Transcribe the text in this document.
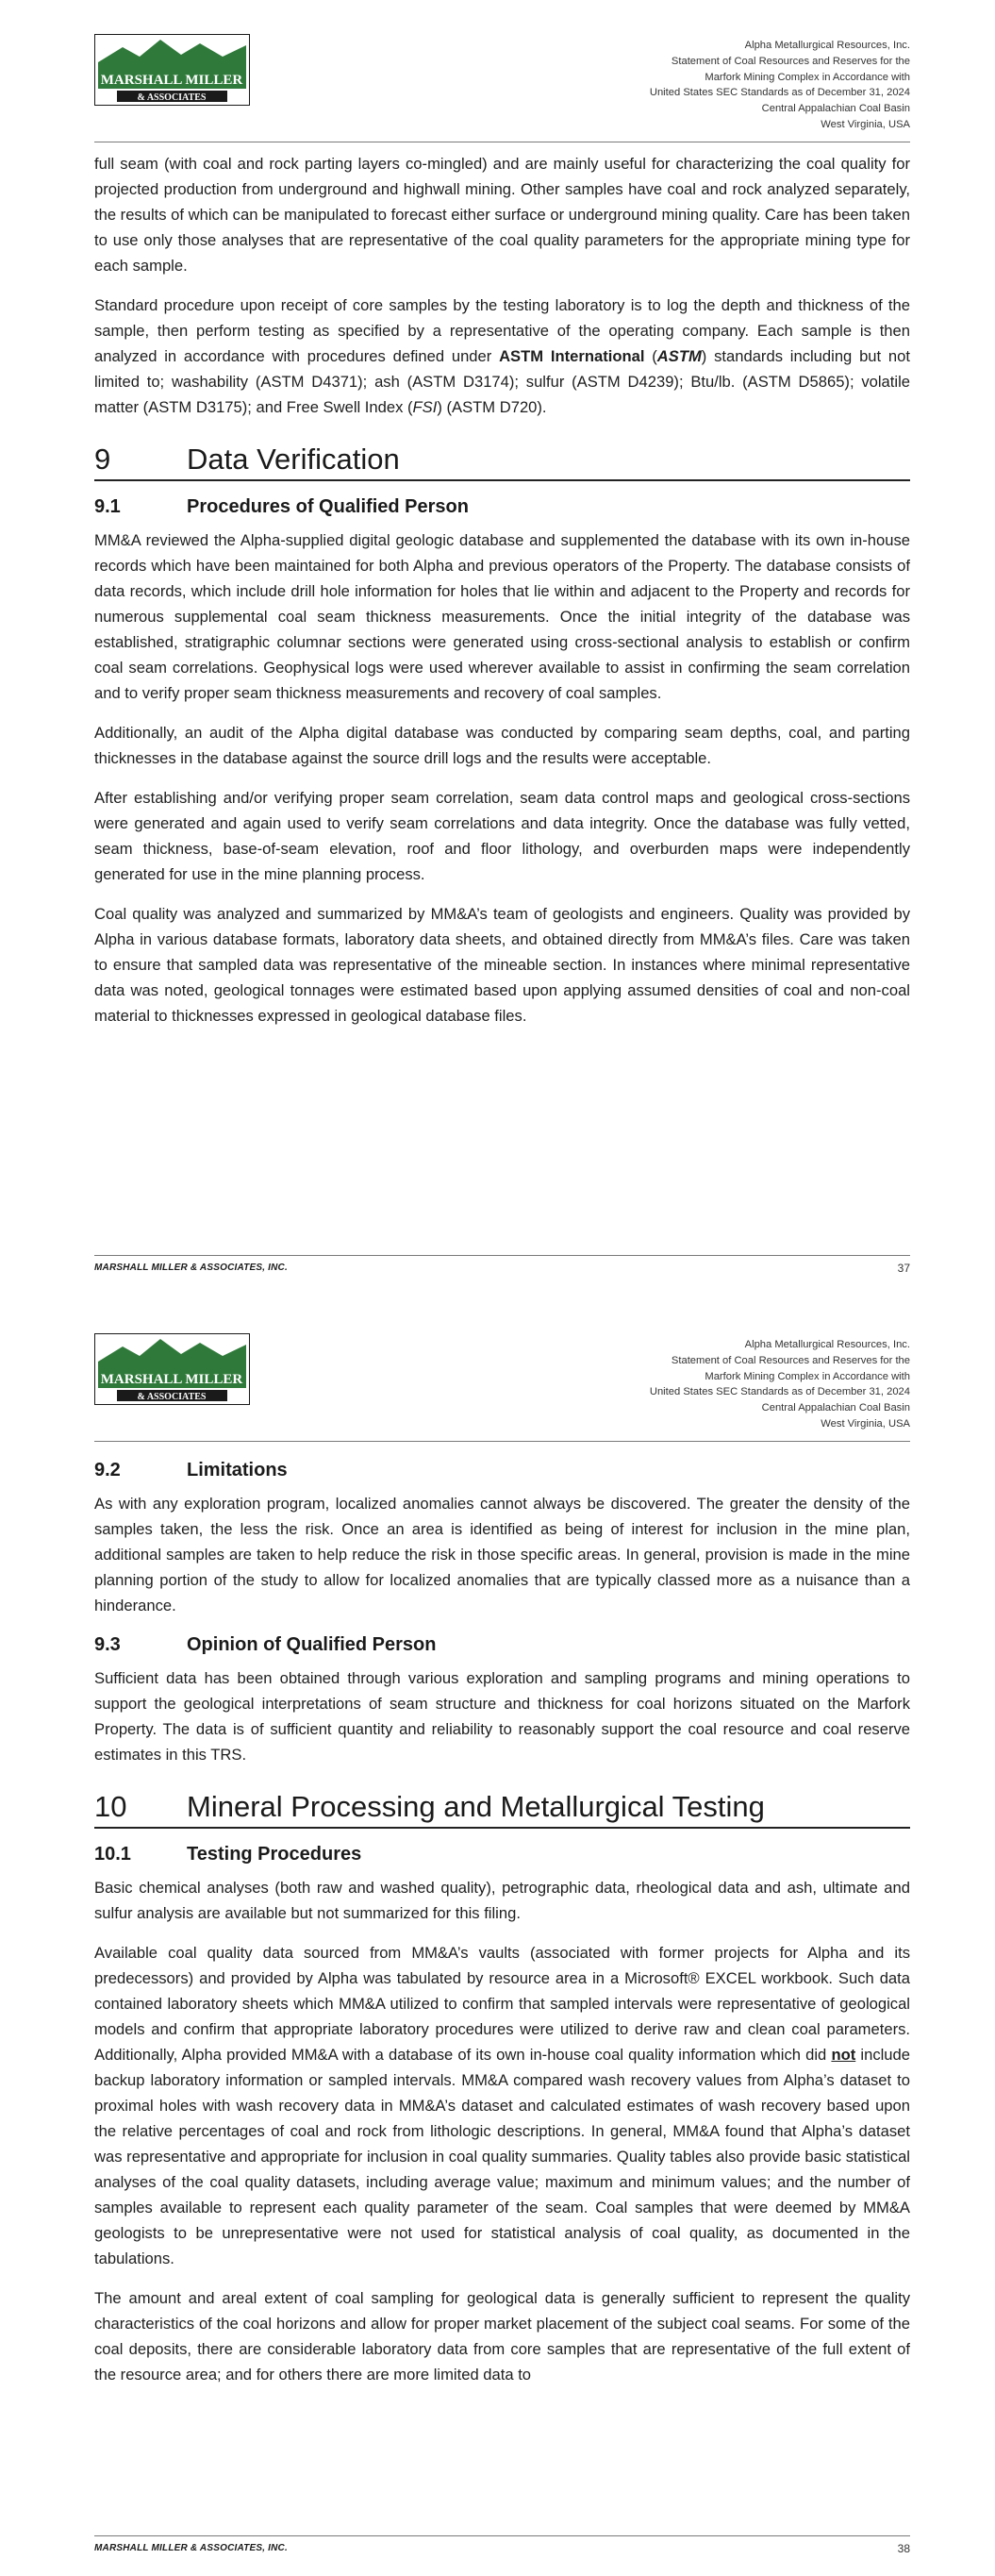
MARSHALL MILLER
& ASSOCIATES
Alpha Metallurgical Resources, Inc.
Statement of Coal Resources and Reserves for the
Marfork Mining Complex in Accordance with
United States SEC Standards as of December 31, 2024
Central Appalachian Coal Basin
West Virginia, USA

full seam (with coal and rock parting layers co-mingled) and are mainly useful for characterizing the coal quality for projected production from underground and highwall mining. Other samples have coal and rock analyzed separately, the results of which can be manipulated to forecast either surface or underground mining quality. Care has been taken to use only those analyses that are representative of the coal quality parameters for the appropriate mining type for each sample.

Standard procedure upon receipt of core samples by the testing laboratory is to log the depth and thickness of the sample, then perform testing as specified by a representative of the operating company. Each sample is then analyzed in accordance with procedures defined under ASTM International (ASTM) standards including but not limited to; washability (ASTM D4371); ash (ASTM D3174); sulfur (ASTM D4239); Btu/lb. (ASTM D5865); volatile matter (ASTM D3175); and Free Swell Index (FSI) (ASTM D720).

9	Data Verification
9.1	Procedures of Qualified Person

MM&A reviewed the Alpha-supplied digital geologic database and supplemented the database with its own in-house records which have been maintained for both Alpha and previous operators of the Property. The database consists of data records, which include drill hole information for holes that lie within and adjacent to the Property and records for numerous supplemental coal seam thickness measurements. Once the initial integrity of the database was established, stratigraphic columnar sections were generated using cross-sectional analysis to establish or confirm coal seam correlations. Geophysical logs were used wherever available to assist in confirming the seam correlation and to verify proper seam thickness measurements and recovery of coal samples.

Additionally, an audit of the Alpha digital database was conducted by comparing seam depths, coal, and parting thicknesses in the database against the source drill logs and the results were acceptable.

After establishing and/or verifying proper seam correlation, seam data control maps and geological cross-sections were generated and again used to verify seam correlations and data integrity. Once the database was fully vetted, seam thickness, base-of-seam elevation, roof and floor lithology, and overburden maps were independently generated for use in the mine planning process.

Coal quality was analyzed and summarized by MM&A’s team of geologists and engineers. Quality was provided by Alpha in various database formats, laboratory data sheets, and obtained directly from MM&A’s files. Care was taken to ensure that sampled data was representative of the mineable section. In instances where minimal representative data was noted, geological tonnages were estimated based upon applying assumed densities of coal and non-coal material to thicknesses expressed in geological database files.

MARSHALL MILLER & ASSOCIATES, INC.	37
MARSHALL MILLER
& ASSOCIATES
Alpha Metallurgical Resources, Inc.
Statement of Coal Resources and Reserves for the
Marfork Mining Complex in Accordance with
United States SEC Standards as of December 31, 2024
Central Appalachian Coal Basin
West Virginia, USA
9.2	Limitations

As with any exploration program, localized anomalies cannot always be discovered. The greater the density of the samples taken, the less the risk. Once an area is identified as being of interest for inclusion in the mine plan, additional samples are taken to help reduce the risk in those specific areas. In general, provision is made in the mine planning portion of the study to allow for localized anomalies that are typically classed more as a nuisance than a hinderance.

9.3	Opinion of Qualified Person

Sufficient data has been obtained through various exploration and sampling programs and mining operations to support the geological interpretations of seam structure and thickness for coal horizons situated on the Marfork Property. The data is of sufficient quantity and reliability to reasonably support the coal resource and coal reserve estimates in this TRS.

10	Mineral Processing and Metallurgical Testing
10.1	Testing Procedures

Basic chemical analyses (both raw and washed quality), petrographic data, rheological data and ash, ultimate and sulfur analysis are available but not summarized for this filing.

Available coal quality data sourced from MM&A’s vaults (associated with former projects for Alpha and its predecessors) and provided by Alpha was tabulated by resource area in a Microsoft® EXCEL workbook. Such data contained laboratory sheets which MM&A utilized to confirm that sampled intervals were representative of geological models and confirm that appropriate laboratory procedures were utilized to derive raw and clean coal parameters. Additionally, Alpha provided MM&A with a database of its own in-house coal quality information which did not include backup laboratory information or sampled intervals. MM&A compared wash recovery values from Alpha’s dataset to proximal holes with wash recovery data in MM&A’s dataset and calculated estimates of wash recovery based upon the relative percentages of coal and rock from lithologic descriptions. In general, MM&A found that Alpha’s dataset was representative and appropriate for inclusion in coal quality summaries. Quality tables also provide basic statistical analyses of the coal quality datasets, including average value; maximum and minimum values; and the number of samples available to represent each quality parameter of the seam. Coal samples that were deemed by MM&A geologists to be unrepresentative were not used for statistical analysis of coal quality, as documented in the tabulations.

The amount and areal extent of coal sampling for geological data is generally sufficient to represent the quality characteristics of the coal horizons and allow for proper market placement of the subject coal seams. For some of the coal deposits, there are considerable laboratory data from core samples that are representative of the full extent of the resource area; and for others there are more limited data to

MARSHALL MILLER & ASSOCIATES, INC.	38
